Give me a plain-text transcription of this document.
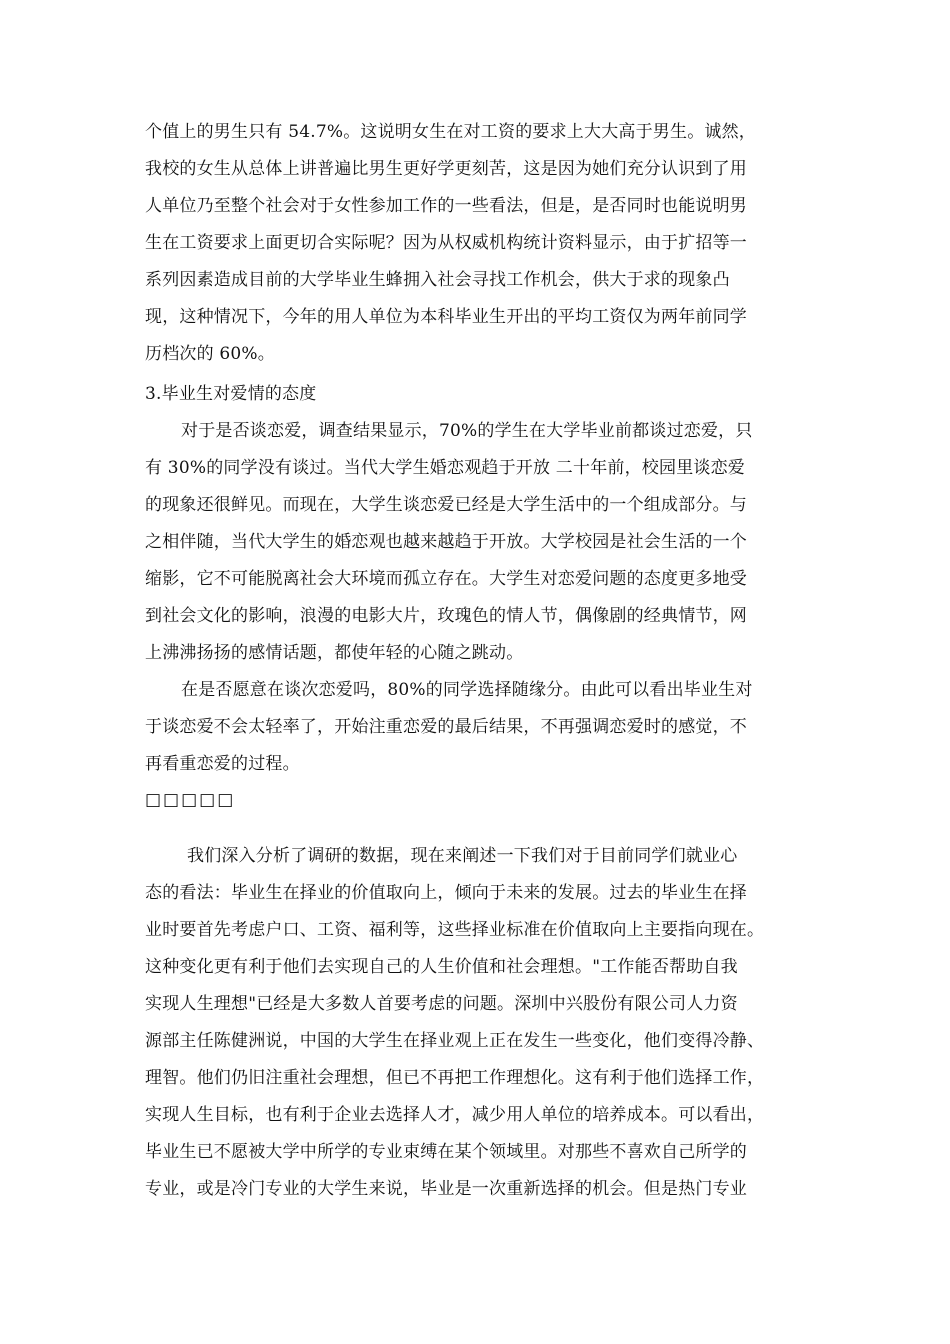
个值上的男生只有 54.7%。这说明女生在对工资的要求上大大高于男生。诚然，
我校的女生从总体上讲普遍比男生更好学更刻苦，这是因为她们充分认识到了用
人单位乃至整个社会对于女性参加工作的一些看法，但是，是否同时也能说明男
生在工资要求上面更切合实际呢？因为从权威机构统计资料显示，由于扩招等一
系列因素造成目前的大学毕业生蜂拥入社会寻找工作机会，供大于求的现象凸
现，这种情况下，今年的用人单位为本科毕业生开出的平均工资仅为两年前同学
历档次的 60%。

3.毕业生对爱情的态度

对于是否谈恋爱，调查结果显示，70%的学生在大学毕业前都谈过恋爱，只
有 30%的同学没有谈过。当代大学生婚恋观趋于开放 二十年前，校园里谈恋爱
的现象还很鲜见。而现在，大学生谈恋爱已经是大学生活中的一个组成部分。与
之相伴随，当代大学生的婚恋观也越来越趋于开放。大学校园是社会生活的一个
缩影，它不可能脱离社会大环境而孤立存在。大学生对恋爱问题的态度更多地受
到社会文化的影响，浪漫的电影大片，玫瑰色的情人节，偶像剧的经典情节，网
上沸沸扬扬的感情话题，都使年轻的心随之跳动。

在是否愿意在谈次恋爱吗，80%的同学选择随缘分。由此可以看出毕业生对
于谈恋爱不会太轻率了，开始注重恋爱的最后结果，不再强调恋爱时的感觉，不
再看重恋爱的过程。

□□□□□

我们深入分析了调研的数据，现在来阐述一下我们对于目前同学们就业心
态的看法：毕业生在择业的价值取向上，倾向于未来的发展。过去的毕业生在择
业时要首先考虑户口、工资、福利等，这些择业标准在价值取向上主要指向现在。
这种变化更有利于他们去实现自己的人生价值和社会理想。"工作能否帮助自我
实现人生理想"已经是大多数人首要考虑的问题。深圳中兴股份有限公司人力资
源部主任陈健洲说，中国的大学生在择业观上正在发生一些变化，他们变得冷静、
理智。他们仍旧注重社会理想，但已不再把工作理想化。这有利于他们选择工作，
实现人生目标，也有利于企业去选择人才，减少用人单位的培养成本。可以看出，
毕业生已不愿被大学中所学的专业束缚在某个领域里。对那些不喜欢自己所学的
专业，或是冷门专业的大学生来说，毕业是一次重新选择的机会。但是热门专业
